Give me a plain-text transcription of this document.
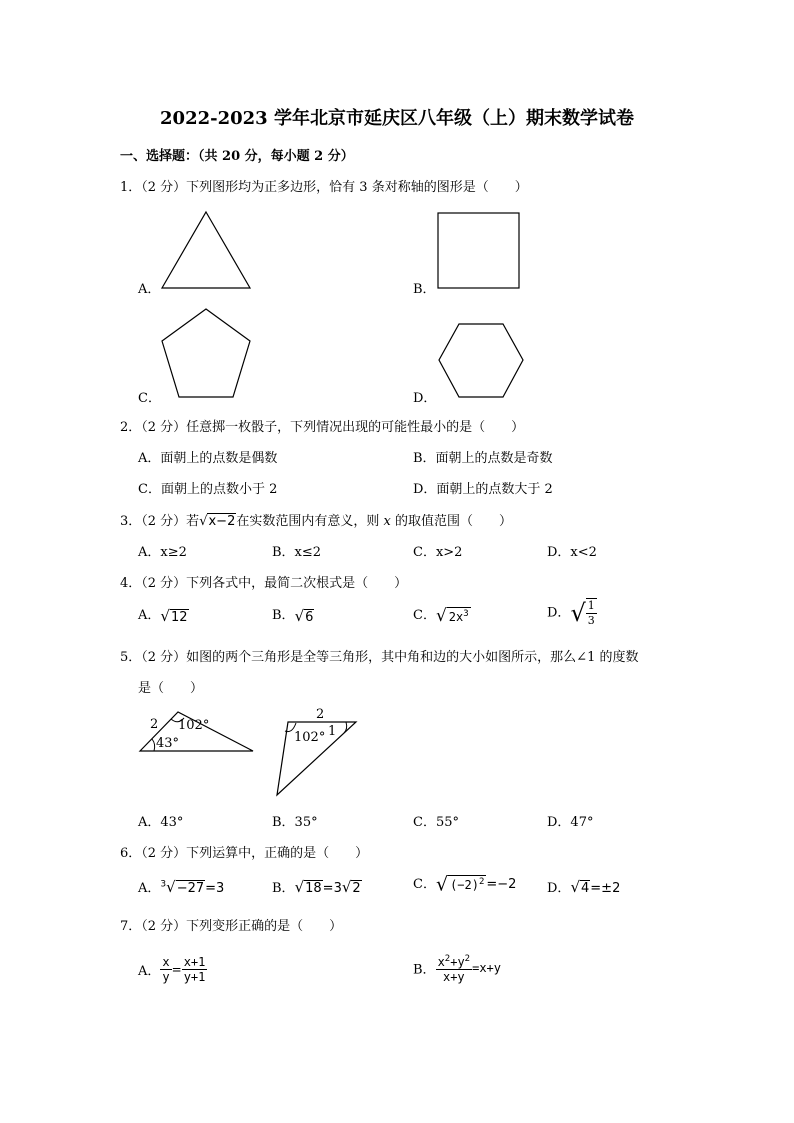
2022-2023 学年北京市延庆区八年级（上）期末数学试卷
一、选择题：（共 20 分，每小题 2 分）
1．（2 分）下列图形均为正多边形，恰有 3 条对称轴的图形是（　　）
A．	B．
C．	D．
2．（2 分）任意掷一枚骰子，下列情况出现的可能性最小的是（　　）
A．面朝上的点数是偶数	B．面朝上的点数是奇数
C．面朝上的点数小于 2	D．面朝上的点数大于 2
3．（2 分）若√x−2在实数范围内有意义，则 x 的取值范围（　　）
A．x≥2	B．x≤2	C．x>2	D．x<2
4．（2 分）下列各式中，最简二次根式是（　　）
A．√12	B．√6	C．√ $2x^3$	D．√ $\frac{1}{3}$
5．（2 分）如图的两个三角形是全等三角形，其中角和边的大小如图所示，那么∠1 的度数
是（　　）
2 102°
43°
2
102° 1
A．43°	B．35°	C．55°	D．47°
6．（2 分）下列运算中，正确的是（　　）
A．$^3$√−27=3	B．√18=3√2	C．√ $(-2)^2 =-2$ D．√4=±2
7．（2 分）下列变形正确的是（　　）
A． $\frac{x}{y} = \frac{x+1}{y+1}$	B． $\frac{x^2+y^2}{x+y} =x+y$
